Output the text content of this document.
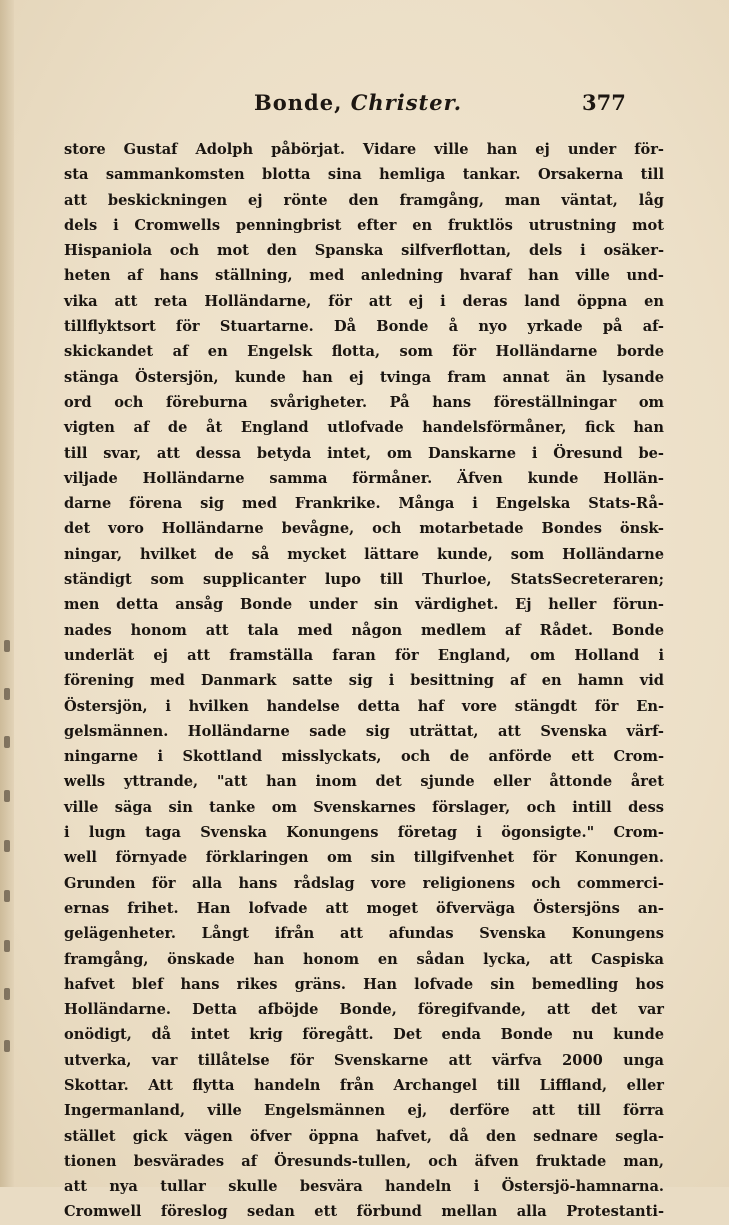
Bonde, Christer.	377
store Gustaf Adolph påbörjat. Vidare ville han ej under för-
sta sammankomsten blotta sina hemliga tankar. Orsakerna till
att beskickningen ej rönte den framgång, man väntat, låg
dels i Cromwells penningbrist efter en fruktlös utrustning mot
Hispaniola och mot den Spanska silfverflottan, dels i osäker-
heten af hans ställning, med anledning hvaraf han ville und-
vika att reta Holländarne, för att ej i deras land öppna en
tillflyktsort för Stuartarne. Då Bonde å nyo yrkade på af-
skickandet af en Engelsk flotta, som för Holländarne borde
stänga Östersjön, kunde han ej tvinga fram annat än lysande
ord och föreburna svårigheter. På hans föreställningar om
vigten af de åt England utlofvade handelsförmåner, fick han
till svar, att dessa betyda intet, om Danskarne i Öresund be-
viljade Holländarne samma förmåner. Äfven kunde Hollän-
darne förena sig med Frankrike. Många i Engelska Stats-Rå-
det voro Holländarne bevågne, och motarbetade Bondes önsk-
ningar, hvilket de så mycket lättare kunde, som Holländarne
ständigt som supplicanter lupo till Thurloe, StatsSecreteraren;
men detta ansåg Bonde under sin värdighet. Ej heller förun-
nades honom att tala med någon medlem af Rådet. Bonde
underlät ej att framställa faran för England, om Holland i
förening med Danmark satte sig i besittning af en hamn vid
Östersjön, i hvilken handelse detta haf vore stängdt för En-
gelsmännen. Holländarne sade sig uträttat, att Svenska värf-
ningarne i Skottland misslyckats, och de anförde ett Crom-
wells yttrande, "att han inom det sjunde eller åttonde året
ville säga sin tanke om Svenskarnes förslager, och intill dess
i lugn taga Svenska Konungens företag i ögonsigte." Crom-
well förnyade förklaringen om sin tillgifvenhet för Konungen.
Grunden för alla hans rådslag vore religionens och commerci-
ernas frihet. Han lofvade att moget öfverväga Östersjöns an-
gelägenheter. Långt ifrån att afundas Svenska Konungens
framgång, önskade han honom en sådan lycka, att Caspiska
hafvet blef hans rikes gräns. Han lofvade sin bemedling hos
Holländarne. Detta afböjde Bonde, föregifvande, att det var
onödigt, då intet krig föregått. Det enda Bonde nu kunde
utverka, var tillåtelse för Svenskarne att värfva 2000 unga
Skottar. Att flytta handeln från Archangel till Liffland, eller
Ingermanland, ville Engelsmännen ej, derföre att till förra
stället gick vägen öfver öppna hafvet, då den sednare segla-
tionen besvärades af Öresunds-tullen, och äfven fruktade man,
att nya tullar skulle besvära handeln i Östersjö-hamnarna.
Cromwell föreslog sedan ett förbund mellan alla Protestanti-
